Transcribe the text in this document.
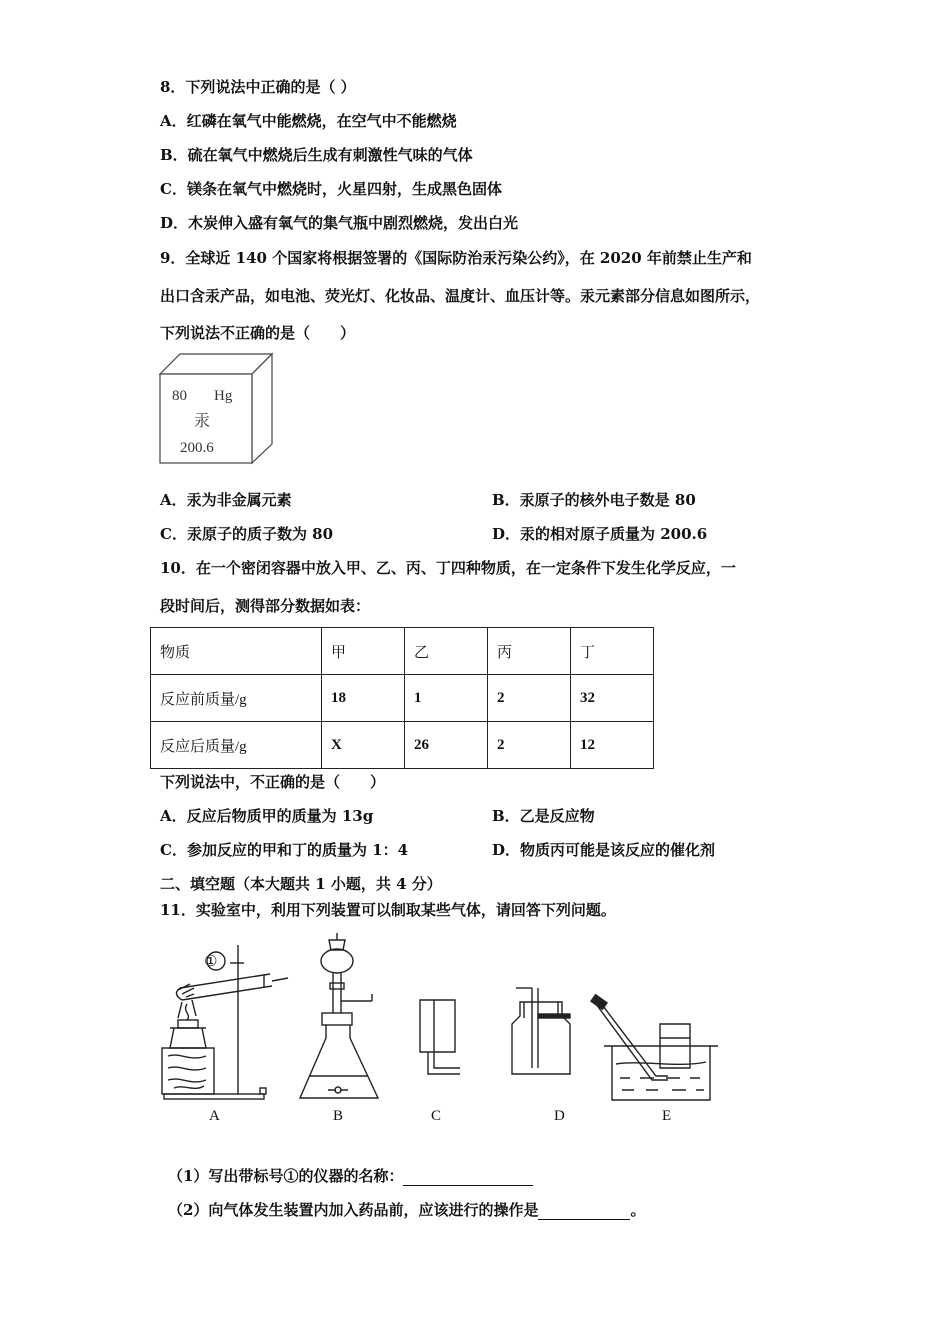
8．下列说法中正确的是（ ）
A．红磷在氧气中能燃烧，在空气中不能燃烧
B．硫在氧气中燃烧后生成有刺激性气味的气体
C．镁条在氧气中燃烧时，火星四射，生成黑色固体
D．木炭伸入盛有氧气的集气瓶中剧烈燃烧，发出白光
9．全球近 140 个国家将根据签署的《国际防治汞污染公约》，在 2020 年前禁止生产和
出口含汞产品，如电池、荧光灯、化妆品、温度计、血压计等。汞元素部分信息如图所示，
下列说法不正确的是（　　）
80 Hg
汞
200.6
A．汞为非金属元素	B．汞原子的核外电子数是 80
C．汞原子的质子数为 80	D．汞的相对原子质量为 200.6
10．在一个密闭容器中放入甲、乙、丙、丁四种物质，在一定条件下发生化学反应，一
段时间后，测得部分数据如表：
物质	甲	乙	丙	丁
反应前质量/g	18	1	2	32
反应后质量/g	X	26	2	12
下列说法中，不正确的是（　　）
A．反应后物质甲的质量为 13g	B．乙是反应物
C．参加反应的甲和丁的质量为 1：4	D．物质丙可能是该反应的催化剂
二、填空题（本大题共 1 小题，共 4 分）
11．实验室中，利用下列装置可以制取某些气体，请回答下列问题。
①
A	B	C	D	E
（1）写出带标号①的仪器的名称：
（2）向气体发生装置内加入药品前，应该进行的操作是	。
